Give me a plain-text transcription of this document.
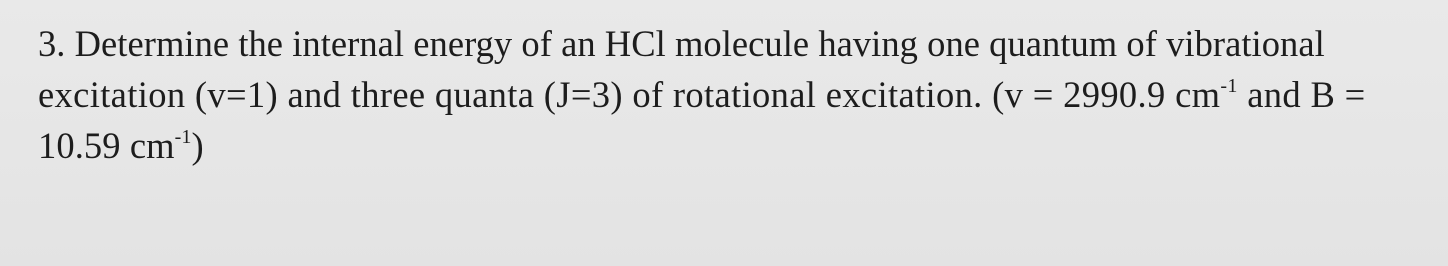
3. Determine the internal energy of an HCl molecule having one quantum of vibrational
excitation (v=1) and three quanta (J=3) of rotational excitation. (v = 2990.9 $cm^{-1}$ and B =
10.59 $cm^{-1}$)
